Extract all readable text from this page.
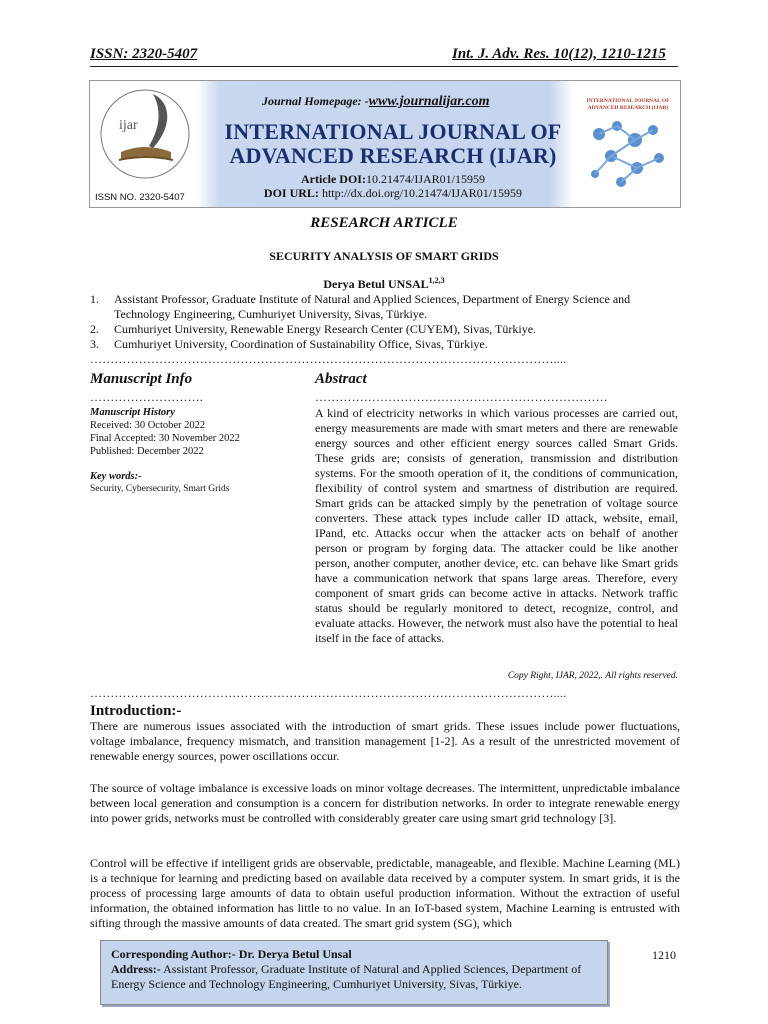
ISSN: 2320-5407	Int. J. Adv. Res. 10(12), 1210-1215
ijar
ISSN NO. 2320-5407
INTERNATIONAL JOURNAL OF ADVANCED RESEARCH (IJAR)
Journal Homepage: -www.journalijar.com
INTERNATIONAL JOURNAL OF
ADVANCED RESEARCH (IJAR)
Article DOI:10.21474/IJAR01/15959
DOI URL: http://dx.doi.org/10.21474/IJAR01/15959
RESEARCH ARTICLE
SECURITY ANALYSIS OF SMART GRIDS
Derya Betul UNSAL$^{1,2,3}$
1.	Assistant Professor, Graduate Institute of Natural and Applied Sciences, Department of Energy Science and Technology Engineering, Cumhuriyet University, Sivas, Türkiye.
2.	Cumhuriyet University, Renewable Energy Research Center (CUYEM), Sivas, Türkiye.
3.	Cumhuriyet University, Coordination of Sustainability Office, Sivas, Türkiye.
……………………………………………………………………………………………………....
Manuscript Info
……………………….
Manuscript History
Received: 30 October 2022
Final Accepted: 30 November 2022
Published: December 2022
Key words:-
Security, Cybersecurity, Smart Grids
Abstract
………………………………………………………………
A kind of electricity networks in which various processes are carried out, energy measurements are made with smart meters and there are renewable energy sources and other efficient energy sources called Smart Grids. These grids are; consists of generation, transmission and distribution systems. For the smooth operation of it, the conditions of communication, flexibility of control system and smartness of distribution are required. Smart grids can be attacked simply by the penetration of voltage source converters. These attack types include caller ID attack, website, email, IPand, etc. Attacks occur when the attacker acts on behalf of another person or program by forging data. The attacker could be like another person, another computer, another device, etc. can behave like Smart grids have a communication network that spans large areas. Therefore, every component of smart grids can become active in attacks. Network traffic status should be regularly monitored to detect, recognize, control, and evaluate attacks. However, the network must also have the potential to heal itself in the face of attacks.
Copy Right, IJAR, 2022,. All rights reserved.
……………………………………………………………………………………………………....
Introduction:-
There are numerous issues associated with the introduction of smart grids. These issues include power fluctuations, voltage imbalance, frequency mismatch, and transition management [1-2]. As a result of the unrestricted movement of renewable energy sources, power oscillations occur.
The source of voltage imbalance is excessive loads on minor voltage decreases. The intermittent, unpredictable imbalance between local generation and consumption is a concern for distribution networks. In order to integrate renewable energy into power grids, networks must be controlled with considerably greater care using smart grid technology [3].
Control will be effective if intelligent grids are observable, predictable, manageable, and flexible. Machine Learning (ML) is a technique for learning and predicting based on available data received by a computer system. In smart grids, it is the process of processing large amounts of data to obtain useful production information. Without the extraction of useful information, the obtained information has little to no value. In an IoT-based system, Machine Learning is entrusted with sifting through the massive amounts of data created. The smart grid system (SG), which
Corresponding Author:- Dr. Derya Betul Unsal
Address:- Assistant Professor, Graduate Institute of Natural and Applied Sciences, Department of Energy Science and Technology Engineering, Cumhuriyet University, Sivas, Türkiye.
1210
